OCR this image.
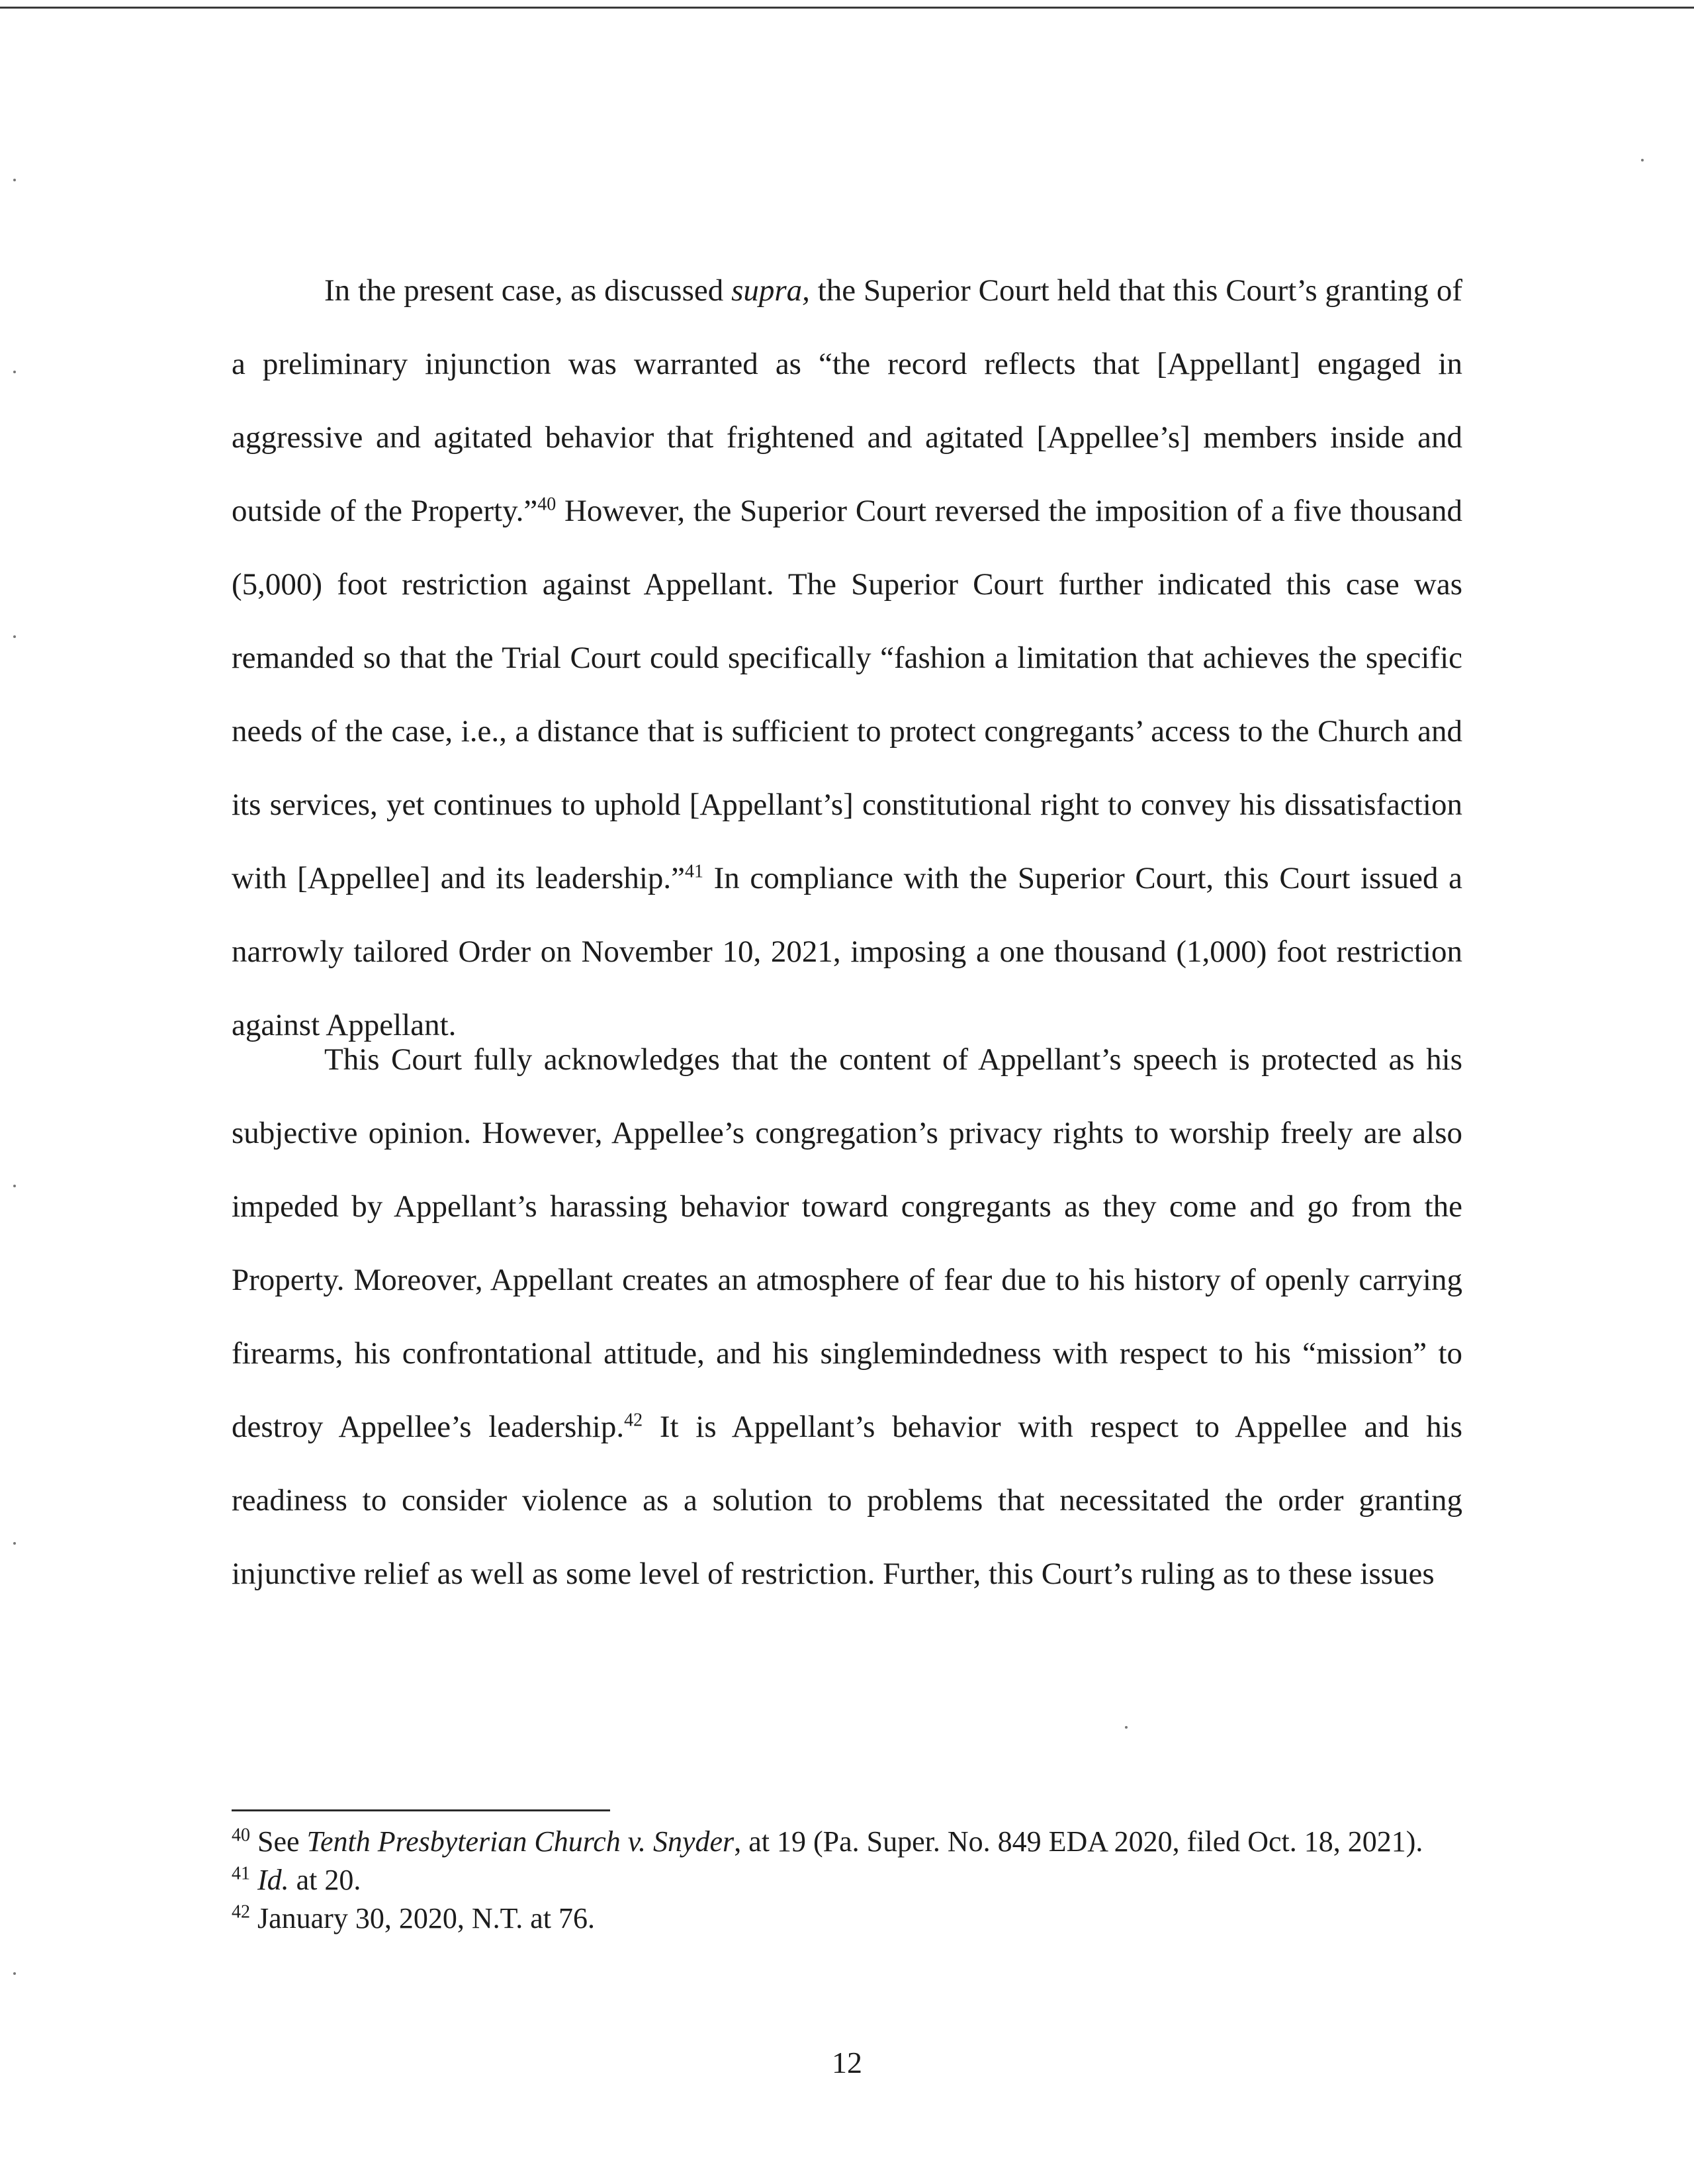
In the present case, as discussed supra, the Superior Court held that this Court’s granting of a preliminary injunction was warranted as “the record reflects that [Appellant] engaged in aggressive and agitated behavior that frightened and agitated [Appellee’s] members inside and outside of the Property.”$^{40}$ However, the Superior Court reversed the imposition of a five thousand (5,000) foot restriction against Appellant. The Superior Court further indicated this case was remanded so that the Trial Court could specifically “fashion a limitation that achieves the specific needs of the case, i.e., a distance that is sufficient to protect congregants’ access to the Church and its services, yet continues to uphold [Appellant’s] constitutional right to convey his dissatisfaction with [Appellee] and its leadership.”$^{41}$ In compliance with the Superior Court, this Court issued a narrowly tailored Order on November 10, 2021, imposing a one thousand (1,000) foot restriction against Appellant.
This Court fully acknowledges that the content of Appellant’s speech is protected as his subjective opinion. However, Appellee’s congregation’s privacy rights to worship freely are also impeded by Appellant’s harassing behavior toward congregants as they come and go from the Property. Moreover, Appellant creates an atmosphere of fear due to his history of openly carrying firearms, his confrontational attitude, and his singlemindedness with respect to his “mission” to destroy Appellee’s leadership.$^{42}$ It is Appellant’s behavior with respect to Appellee and his readiness to consider violence as a solution to problems that necessitated the order granting injunctive relief as well as some level of restriction. Further, this Court’s ruling as to these issues
$^{40}$ See Tenth Presbyterian Church v. Snyder, at 19 (Pa. Super. No. 849 EDA 2020, filed Oct. 18, 2021).
$^{41}$ Id. at 20.
$^{42}$ January 30, 2020, N.T. at 76.
12
